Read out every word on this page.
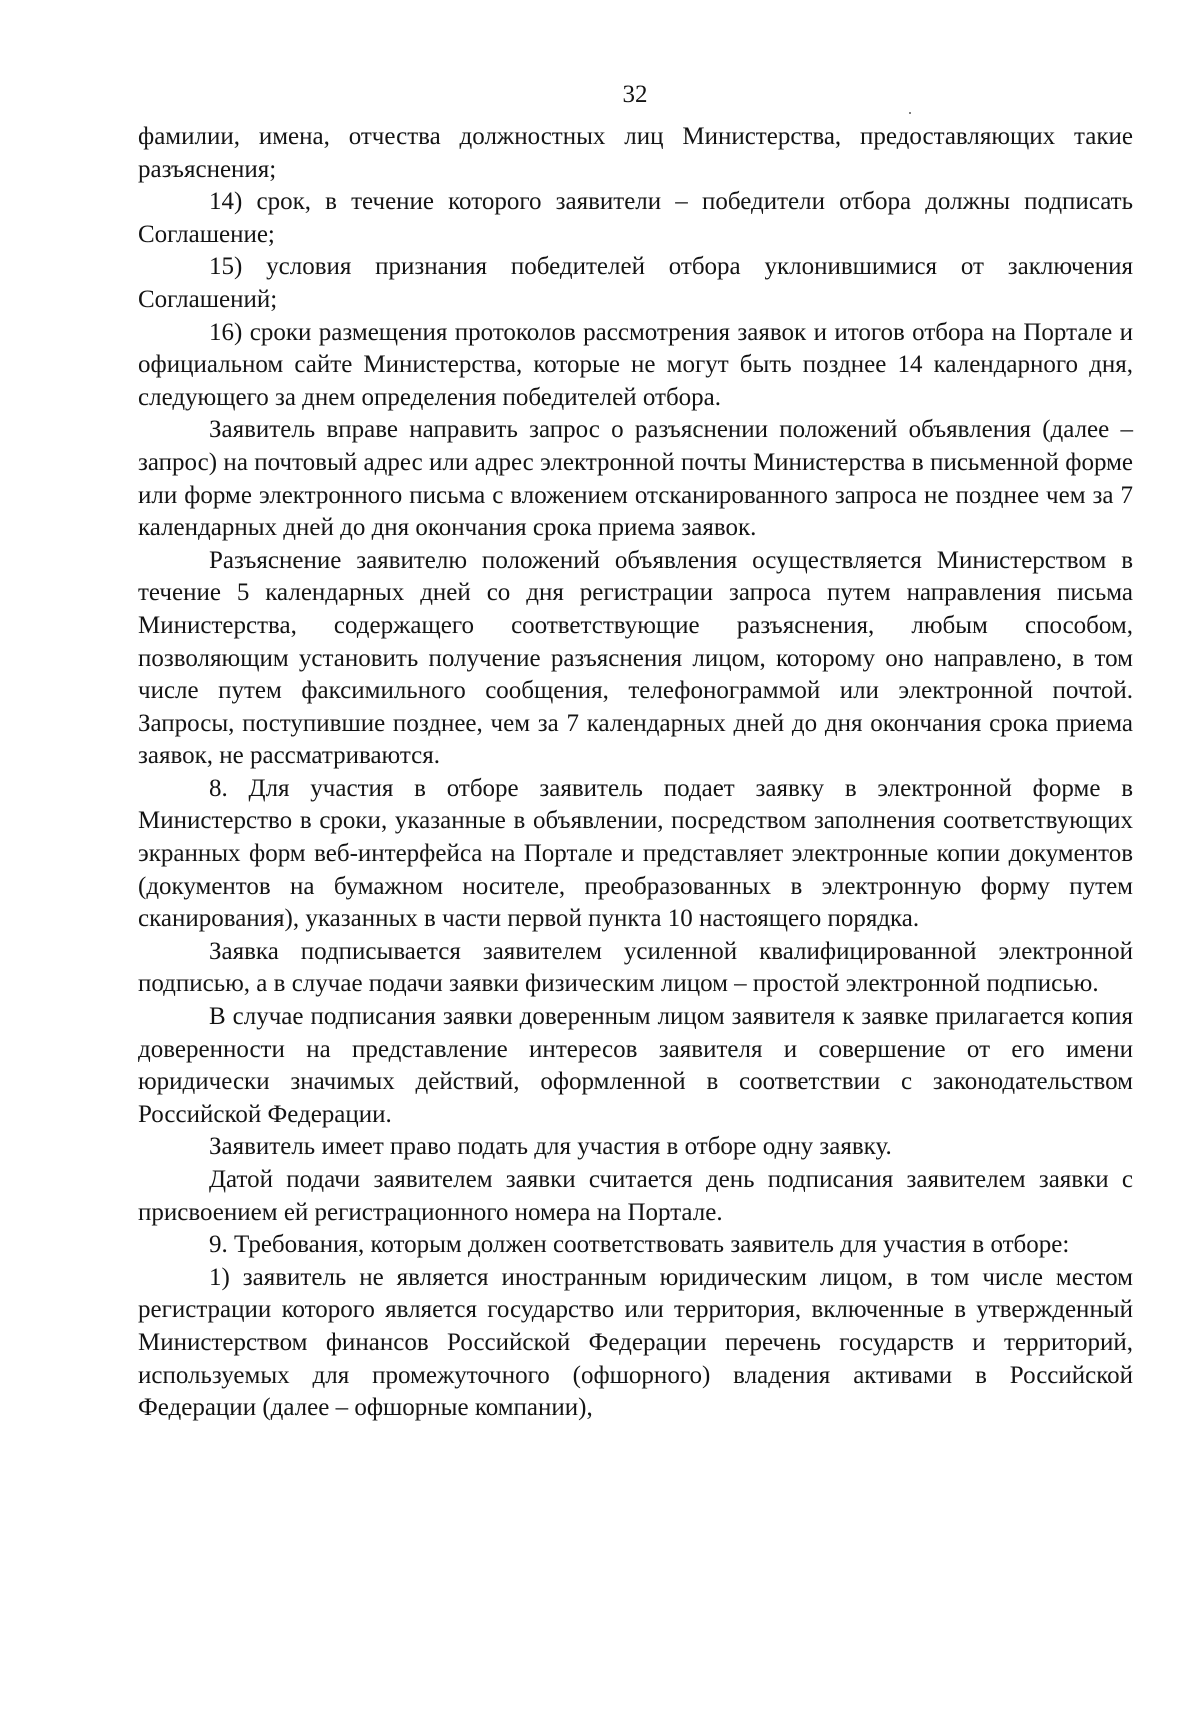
32

фамилии, имена, отчества должностных лиц Министерства, предоставляющих такие разъяснения;

14) срок, в течение которого заявители – победители отбора должны подписать Соглашение;

15) условия признания победителей отбора уклонившимися от заключения Соглашений;

16) сроки размещения протоколов рассмотрения заявок и итогов отбора на Портале и официальном сайте Министерства, которые не могут быть позднее 14 календарного дня, следующего за днем определения победителей отбора.

Заявитель вправе направить запрос о разъяснении положений объявления (далее – запрос) на почтовый адрес или адрес электронной почты Министерства в письменной форме или форме электронного письма с вложением отсканированного запроса не позднее чем за 7 календарных дней до дня окончания срока приема заявок.

Разъяснение заявителю положений объявления осуществляется Министерством в течение 5 календарных дней со дня регистрации запроса путем направления письма Министерства, содержащего соответствующие разъяснения, любым способом, позволяющим установить получение разъяснения лицом, которому оно направлено, в том числе путем факсимильного сообщения, телефонограммой или электронной почтой. Запросы, поступившие позднее, чем за 7 календарных дней до дня окончания срока приема заявок, не рассматриваются.

8. Для участия в отборе заявитель подает заявку в электронной форме в Министерство в сроки, указанные в объявлении, посредством заполнения соответствующих экранных форм веб-интерфейса на Портале и представляет электронные копии документов (документов на бумажном носителе, преобразованных в электронную форму путем сканирования), указанных в части первой пункта 10 настоящего порядка.

Заявка подписывается заявителем усиленной квалифицированной электронной подписью, а в случае подачи заявки физическим лицом – простой электронной подписью.

В случае подписания заявки доверенным лицом заявителя к заявке прилагается копия доверенности на представление интересов заявителя и совершение от его имени юридически значимых действий, оформленной в соответствии с законодательством Российской Федерации.

Заявитель имеет право подать для участия в отборе одну заявку.

Датой подачи заявителем заявки считается день подписания заявителем заявки с присвоением ей регистрационного номера на Портале.

9. Требования, которым должен соответствовать заявитель для участия в отборе:

1) заявитель не является иностранным юридическим лицом, в том числе местом регистрации которого является государство или территория, включенные в утвержденный Министерством финансов Российской Федерации перечень государств и территорий, используемых для промежуточного (офшорного) владения активами в Российской Федерации (далее – офшорные компании),
